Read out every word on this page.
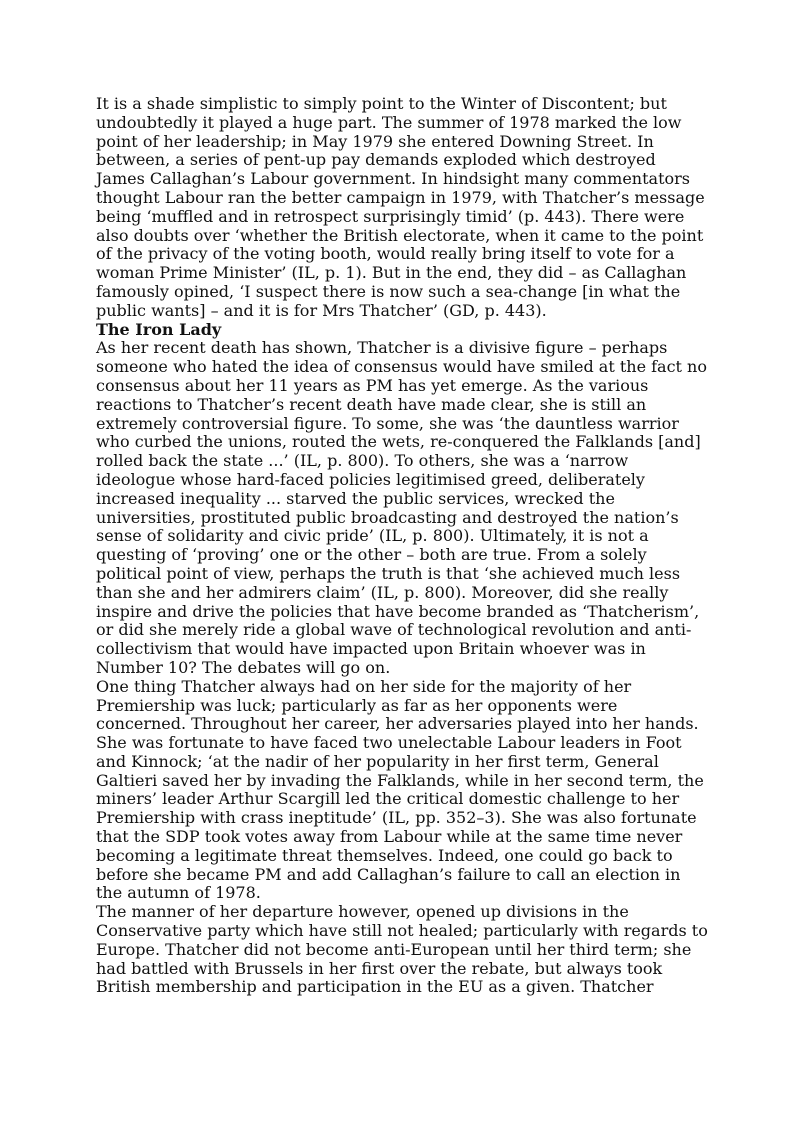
It is a shade simplistic to simply point to the Winter of Discontent; but undoubtedly it played a huge part. The summer of 1978 marked the low point of her leadership; in May 1979 she entered Downing Street. In between, a series of pent-up pay demands exploded which destroyed James Callaghan’s Labour government. In hindsight many commentators thought Labour ran the better campaign in 1979, with Thatcher’s message being ‘muffled and in retrospect surprisingly timid’ (p. 443). There were also doubts over ‘whether the British electorate, when it came to the point of the privacy of the voting booth, would really bring itself to vote for a woman Prime Minister’ (IL, p. 1). But in the end, they did – as Callaghan famously opined, ‘I suspect there is now such a sea-change [in what the public wants] – and it is for Mrs Thatcher’ (GD, p. 443).

The Iron Lady

As her recent death has shown, Thatcher is a divisive figure – perhaps someone who hated the idea of consensus would have smiled at the fact no consensus about her 11 years as PM has yet emerge. As the various reactions to Thatcher’s recent death have made clear, she is still an extremely controversial figure. To some, she was ‘the dauntless warrior who curbed the unions, routed the wets, re-conquered the Falklands [and] rolled back the state ...’ (IL, p. 800). To others, she was a ‘narrow ideologue whose hard-faced policies legitimised greed, deliberately increased inequality ... starved the public services, wrecked the universities, prostituted public broadcasting and destroyed the nation’s sense of solidarity and civic pride’ (IL, p. 800). Ultimately, it is not a questing of ‘proving’ one or the other – both are true. From a solely political point of view, perhaps the truth is that ‘she achieved much less than she and her admirers claim’ (IL, p. 800). Moreover, did she really inspire and drive the policies that have become branded as ‘Thatcherism’, or did she merely ride a global wave of technological revolution and anti-collectivism that would have impacted upon Britain whoever was in Number 10? The debates will go on.

One thing Thatcher always had on her side for the majority of her Premiership was luck; particularly as far as her opponents were concerned. Throughout her career, her adversaries played into her hands. She was fortunate to have faced two unelectable Labour leaders in Foot and Kinnock; ‘at the nadir of her popularity in her first term, General Galtieri saved her by invading the Falklands, while in her second term, the miners’ leader Arthur Scargill led the critical domestic challenge to her Premiership with crass ineptitude’ (IL, pp. 352–3). She was also fortunate that the SDP took votes away from Labour while at the same time never becoming a legitimate threat themselves. Indeed, one could go back to before she became PM and add Callaghan’s failure to call an election in the autumn of 1978.

The manner of her departure however, opened up divisions in the Conservative party which have still not healed; particularly with regards to Europe. Thatcher did not become anti-European until her third term; she had battled with Brussels in her first over the rebate, but always took British membership and participation in the EU as a given. Thatcher
